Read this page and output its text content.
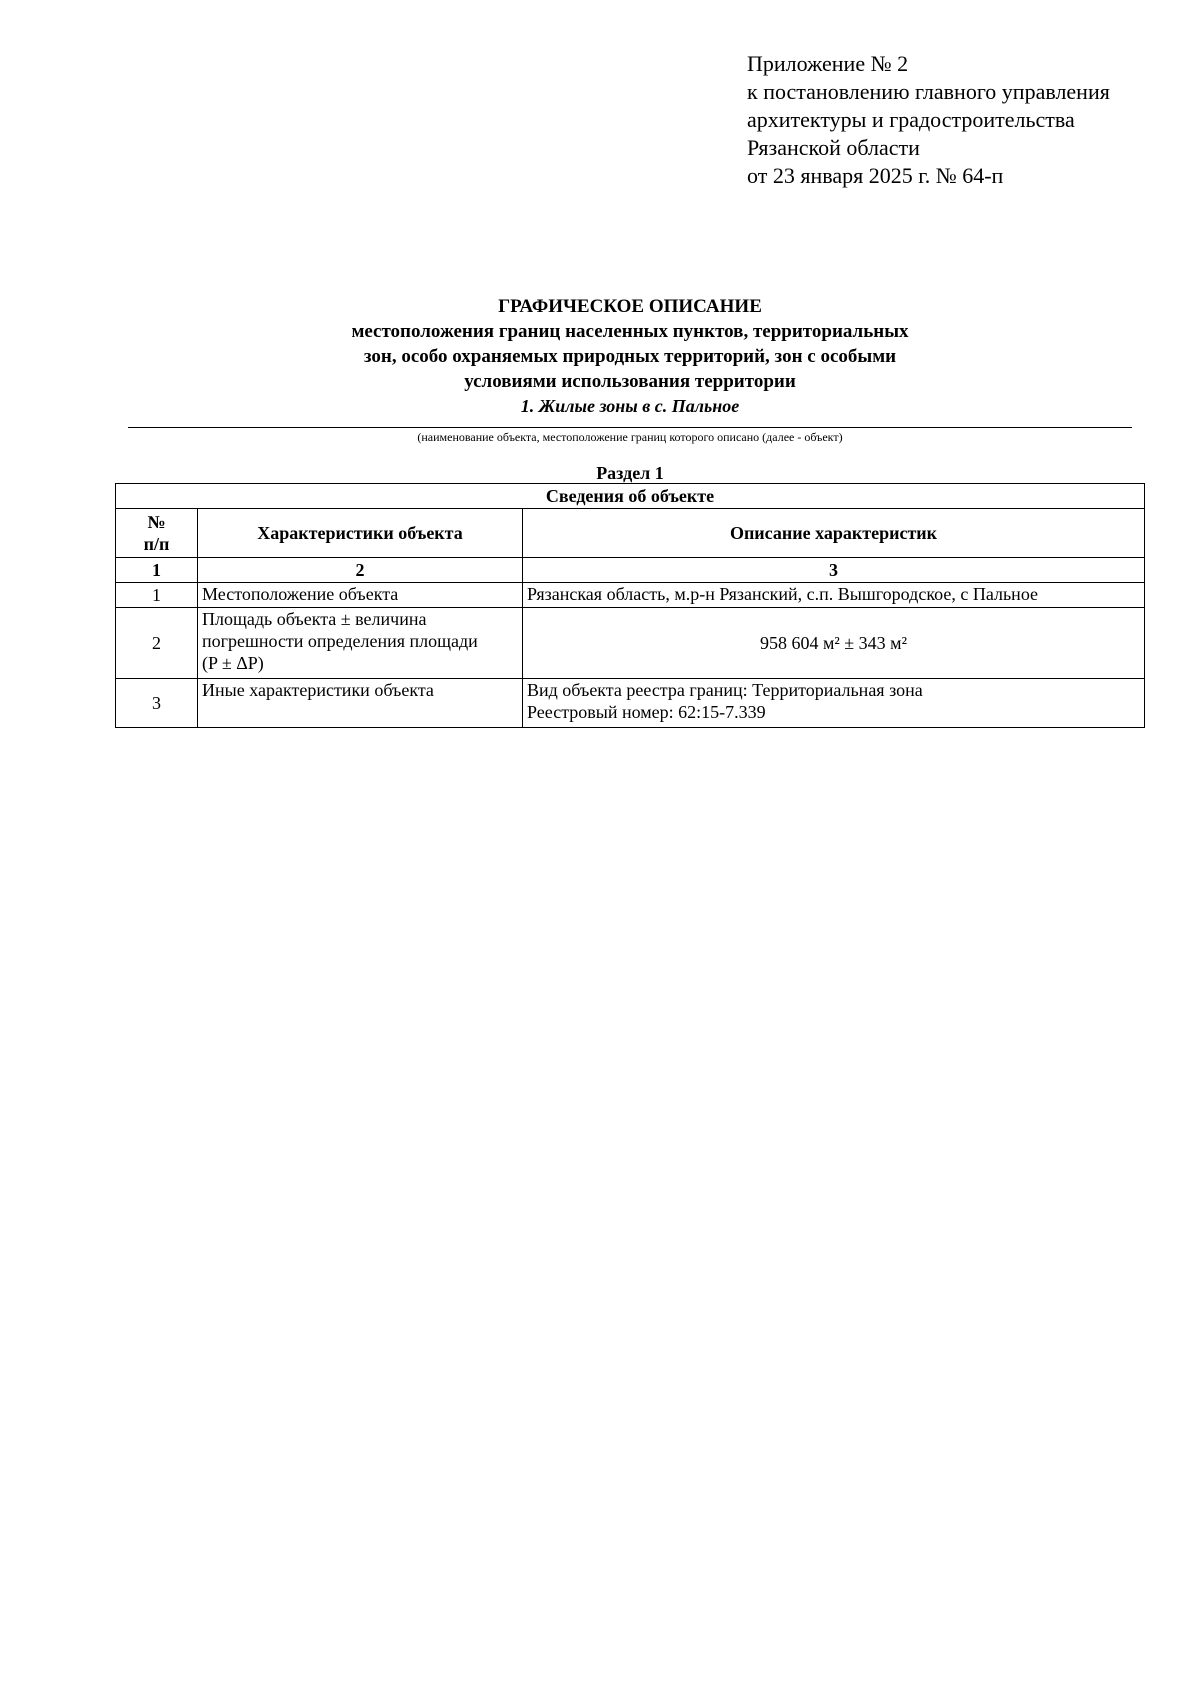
Приложение № 2
к постановлению главного управления
архитектуры и градостроительства
Рязанской области
от 23 января 2025 г. № 64-п
ГРАФИЧЕСКОЕ ОПИСАНИЕ
местоположения границ населенных пунктов, территориальных
зон, особо охраняемых природных территорий, зон с особыми
условиями использования территории
1. Жилые зоны в с. Пальное
(наименование объекта, местоположение границ которого описано (далее - объект)
Раздел 1
Сведения об объекте		

№
п/п	Характеристики объекта	Описание характеристик
1	2	3
1	Местоположение объекта	Рязанская область, м.р-н Рязанский, с.п. Вышгородское, с Пальное
2	Площадь объекта ± величина
погрешности определения площади
(P ± ΔP)	958 604 м² ± 343 м²
3	Иные характеристики объекта	Вид объекта реестра границ: Территориальная зона
Реестровый номер: 62:15-7.339
